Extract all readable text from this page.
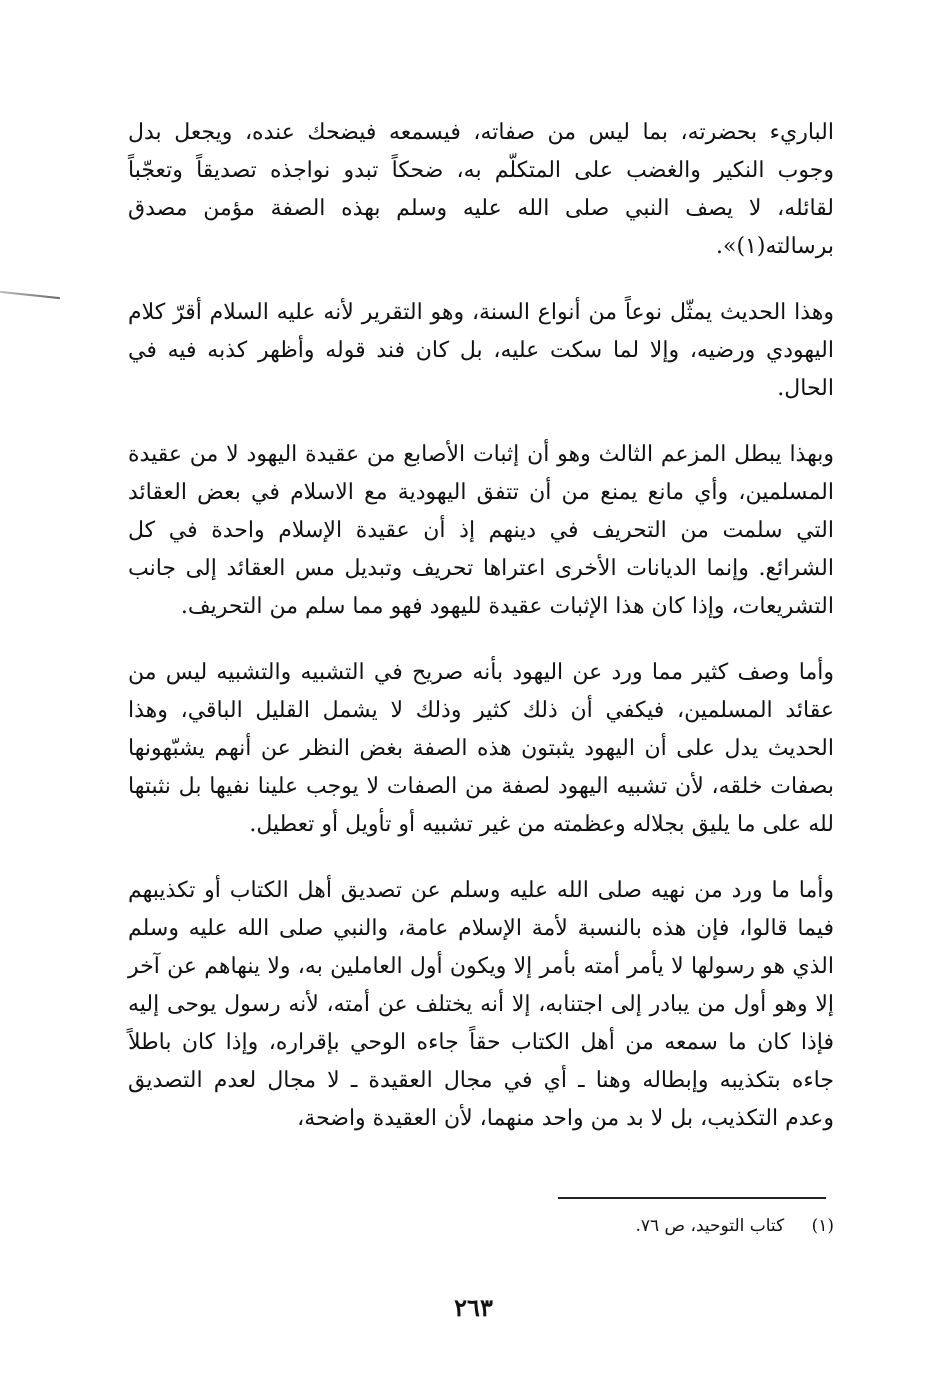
الباريء بحضرته، بما ليس من صفاته، فيسمعه فيضحك عنده، ويجعل بدل وجوب النكير والغضب على المتكلّم به، ضحكاً تبدو نواجذه تصديقاً وتعجّباً لقائله، لا يصف النبي صلى الله عليه وسلم بهذه الصفة مؤمن مصدق برسالته(١)».

وهذا الحديث يمثّل نوعاً من أنواع السنة، وهو التقرير لأنه عليه السلام أقرّ كلام اليهودي ورضيه، وإلا لما سكت عليه، بل كان فند قوله وأظهر كذبه فيه في الحال.

وبهذا يبطل المزعم الثالث وهو أن إثبات الأصابع من عقيدة اليهود لا من عقيدة المسلمين، وأي مانع يمنع من أن تتفق اليهودية مع الاسلام في بعض العقائد التي سلمت من التحريف في دينهم إذ أن عقيدة الإسلام واحدة في كل الشرائع. وإنما الديانات الأخرى اعتراها تحريف وتبديل مس العقائد إلى جانب التشريعات، وإذا كان هذا الإثبات عقيدة لليهود فهو مما سلم من التحريف.

وأما وصف كثير مما ورد عن اليهود بأنه صريح في التشبيه والتشبيه ليس من عقائد المسلمين، فيكفي أن ذلك كثير وذلك لا يشمل القليل الباقي، وهذا الحديث يدل على أن اليهود يثبتون هذه الصفة بغض النظر عن أنهم يشبّهونها بصفات خلقه، لأن تشبيه اليهود لصفة من الصفات لا يوجب علينا نفيها بل نثبتها لله على ما يليق بجلاله وعظمته من غير تشبيه أو تأويل أو تعطيل.

وأما ما ورد من نهيه صلى الله عليه وسلم عن تصديق أهل الكتاب أو تكذيبهم فيما قالوا، فإن هذه بالنسبة لأمة الإسلام عامة، والنبي صلى الله عليه وسلم الذي هو رسولها لا يأمر أمته بأمر إلا ويكون أول العاملين به، ولا ينهاهم عن آخر إلا وهو أول من يبادر إلى اجتنابه، إلا أنه يختلف عن أمته، لأنه رسول يوحى إليه فإذا كان ما سمعه من أهل الكتاب حقاً جاءه الوحي بإقراره، وإذا كان باطلاً جاءه بتكذيبه وإبطاله وهنا ـ أي في مجال العقيدة ـ لا مجال لعدم التصديق وعدم التكذيب، بل لا بد من واحد منهما، لأن العقيدة واضحة،

(١) كتاب التوحيد، ص ٧٦.
٢٦٣
